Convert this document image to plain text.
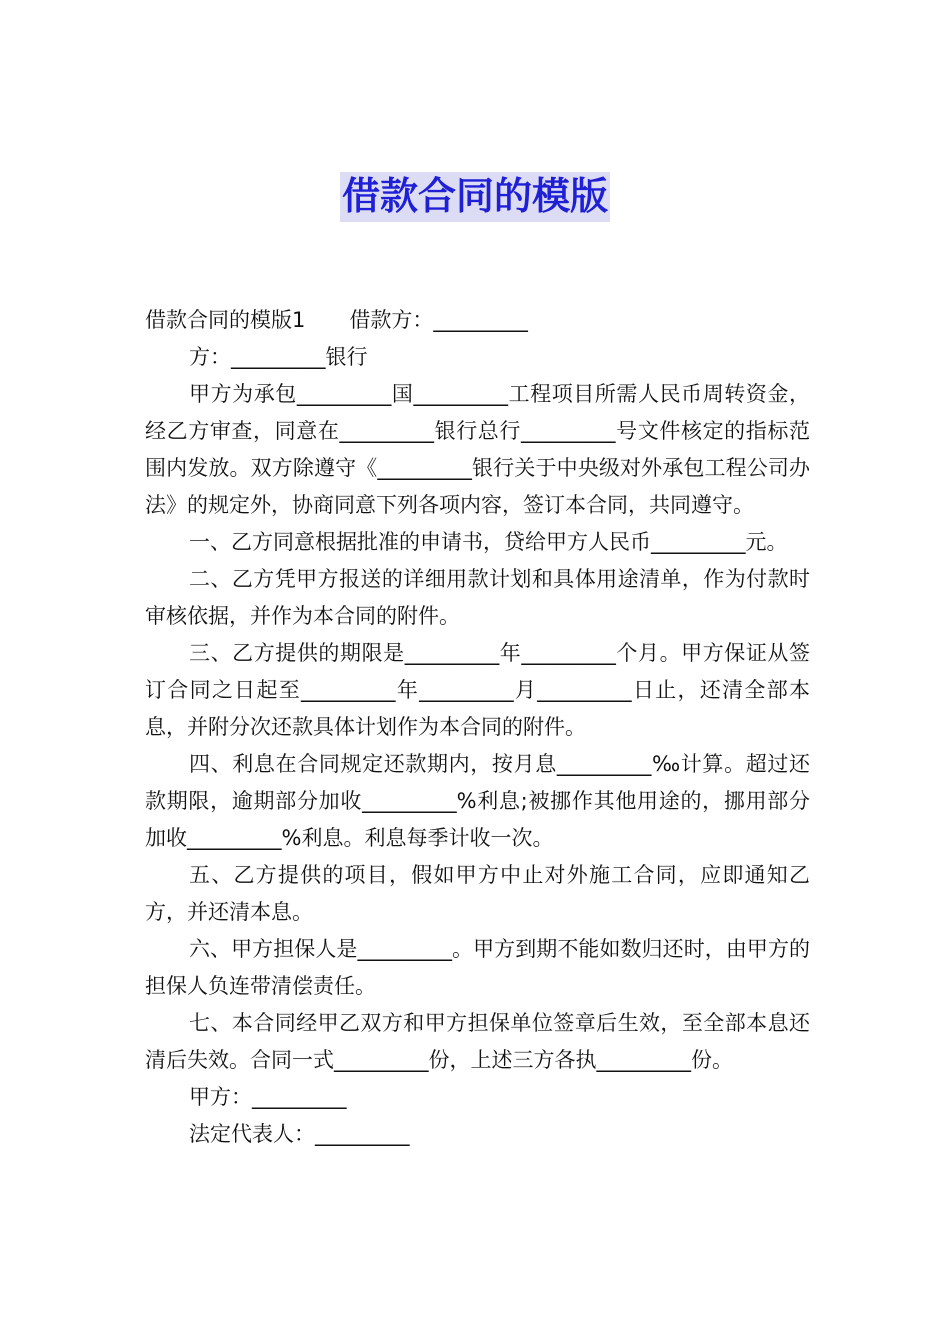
借款合同的模版

借款合同的模版1 借款方：_________

方：_________银行

甲方为承包_________国_________工程项目所需人民币周转资金，经乙方审查，同意在_________银行总行_________号文件核定的指标范围内发放。双方除遵守《_________银行关于中央级对外承包工程公司办法》的规定外，协商同意下列各项内容，签订本合同，共同遵守。

一、乙方同意根据批准的申请书，贷给甲方人民币_________元。

二、乙方凭甲方报送的详细用款计划和具体用途清单，作为付款时审核依据，并作为本合同的附件。

三、乙方提供的期限是_________年_________个月。甲方保证从签订合同之日起至_________年_________月_________日止，还清全部本息，并附分次还款具体计划作为本合同的附件。

四、利息在合同规定还款期内，按月息_________‰计算。超过还款期限，逾期部分加收_________%利息;被挪作其他用途的，挪用部分加收_________%利息。利息每季计收一次。

五、乙方提供的项目，假如甲方中止对外施工合同，应即通知乙方，并还清本息。

六、甲方担保人是_________。甲方到期不能如数归还时，由甲方的担保人负连带清偿责任。

七、本合同经甲乙双方和甲方担保单位签章后生效，至全部本息还清后失效。合同一式_________份，上述三方各执_________份。

甲方：_________

法定代表人：_________
